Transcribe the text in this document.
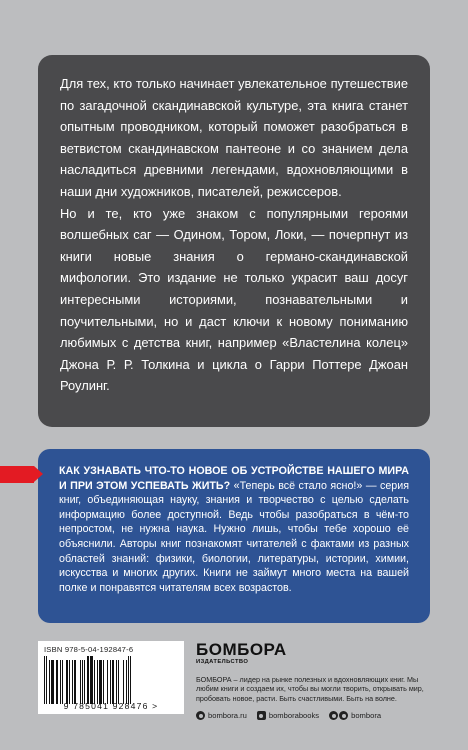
Для тех, кто только начинает увлекательное путешествие по загадочной скандинавской культуре, эта книга станет опытным проводником, который поможет разобраться в ветвистом скандинавском пантеоне и со знанием дела насладиться древними легендами, вдохновляющими в наши дни художников, писателей, режиссеров.

Но и те, кто уже знаком с популярными героями волшебных саг — Одином, Тором, Локи, — почерпнут из книги новые знания о германо-скандинавской мифологии. Это издание не только украсит ваш досуг интересными историями, познавательными и поучительными, но и даст ключи к новому пониманию любимых с детства книг, например «Властелина колец» Джона Р. Р. Толкина и цикла о Гарри Поттере Джоан Роулинг.

КАК УЗНАВАТЬ ЧТО-ТО НОВОЕ ОБ УСТРОЙСТВЕ НАШЕГО МИРА И ПРИ ЭТОМ УСПЕВАТЬ ЖИТЬ? «Теперь всё стало ясно!» — серия книг, объединяющая науку, знания и творчество с целью сделать информацию более доступной. Ведь чтобы разобраться в чём-то непростом, не нужна наука. Нужно лишь, чтобы тебе хорошо её объяснили. Авторы книг познакомят читателей с фактами из разных областей знаний: физики, биологии, литературы, истории, химии, искусства и многих других. Книги не займут много места на вашей полке и понравятся читателям всех возрастов.

ISBN 978-5-04-192847-6
9 785041 928476 >
БОМБОРА
ИЗДАТЕЛЬСТВО
БОМБОРА – лидер на рынке полезных и вдохновляющих книг. Мы любим книги и создаем их, чтобы вы могли творить, открывать мир, пробовать новое, расти. Быть счастливыми. Быть на волне.
bombora.ru	bomborabooks	bombora
